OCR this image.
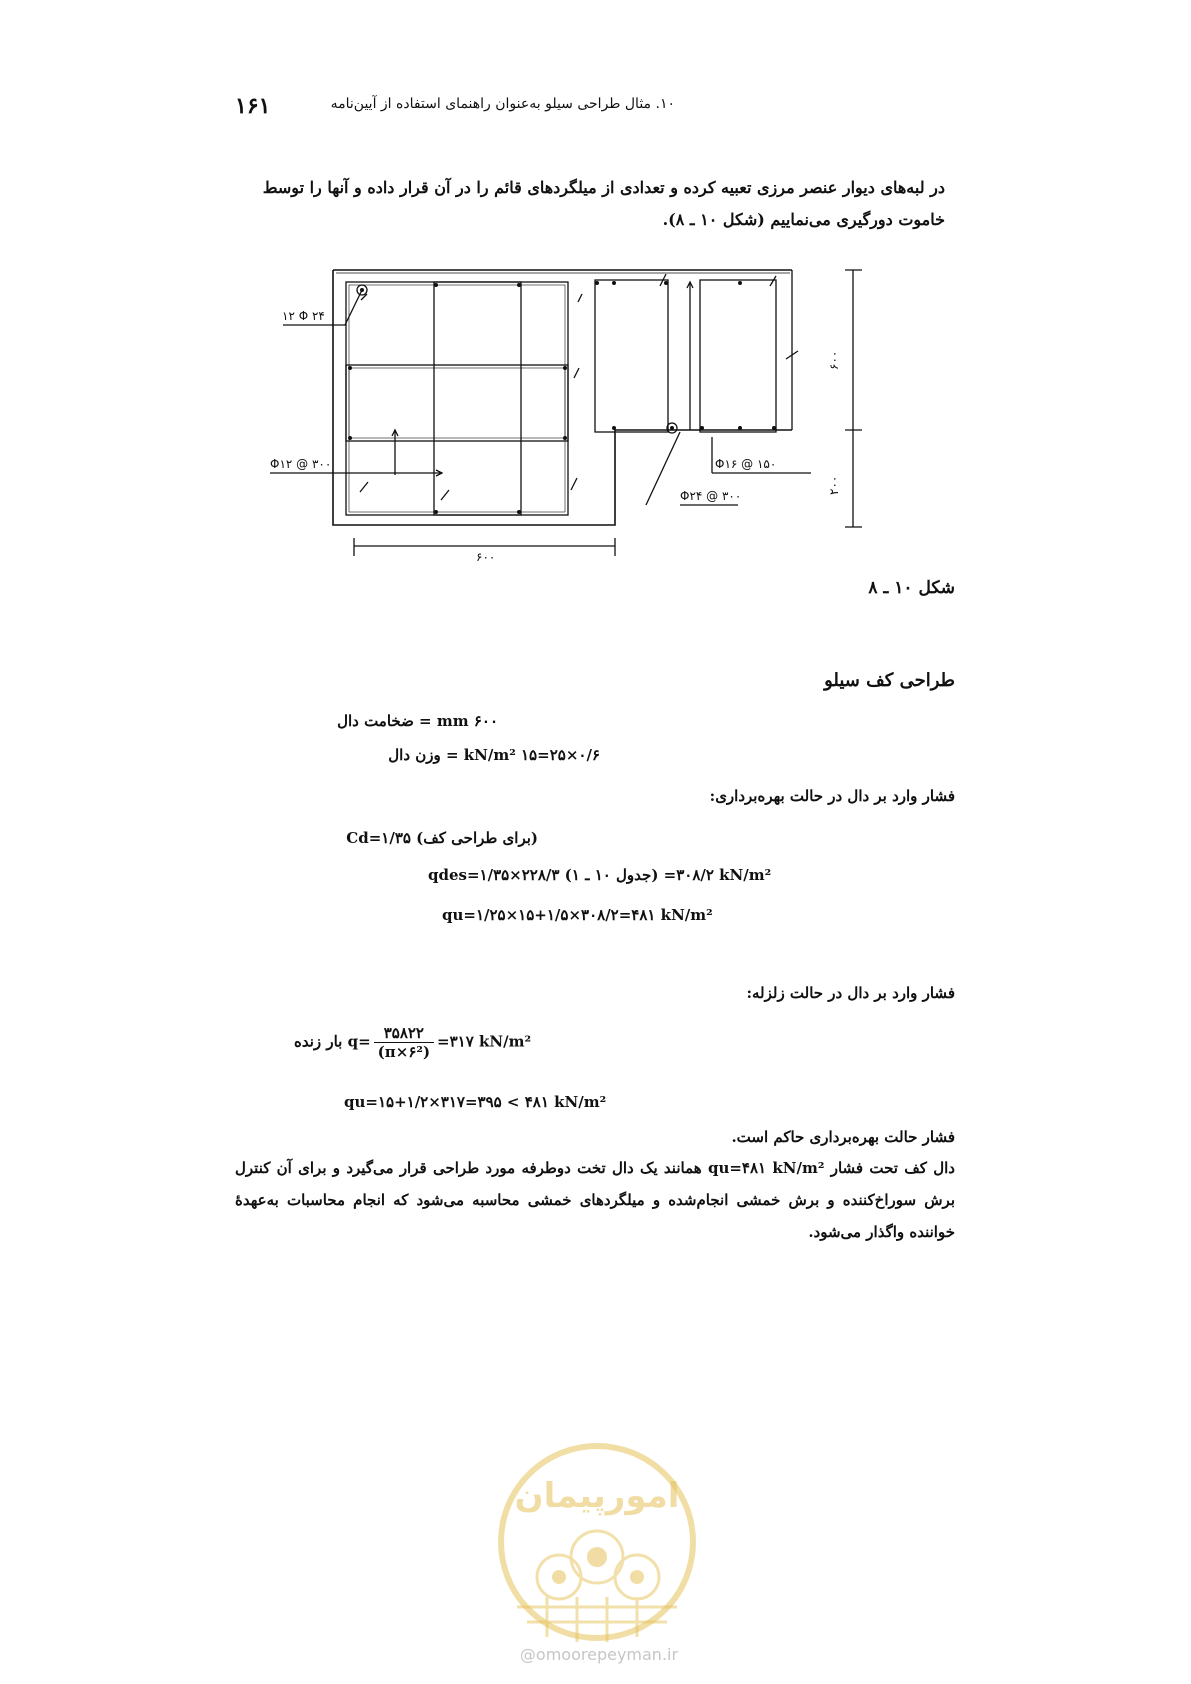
۱۶۱	۱۰. مثال طراحی سیلو به‌عنوان راهنمای استفاده از آیین‌نامه
در لبه‌های دیوار عنصر مرزی تعبیه کرده و تعدادی از میلگردهای قائم را در آن قرار داده و آنها را توسط خاموت دورگیری می‌نماییم (شکل ۱۰ ـ ۸).
۱۲ Φ ۲۴
Φ۱۲ @ ۳۰۰	Φ۱۶ @ ۱۵۰
Φ۲۴ @ ۳۰۰
۶۰۰
۶۰۰
۲۰۰
شکل ۱۰ ـ ۸
طراحی کف سیلو
۶۰۰ mm = ضخامت دال
۰/۶×۲۵=۱۵ kN/m² = وزن دال
فشار وارد بر دال در حالت بهره‌برداری:
(برای طراحی کف) Cd=۱/۳۵
qdes=۱/۳۵×۲۲۸/۳ (جدول ۱۰ ـ ۱) =۳۰۸/۲ kN/m²
qu=۱/۲۵×۱۵+۱/۵×۳۰۸/۲=۴۸۱ kN/m²
فشار وارد بر دال در حالت زلزله:
بار زنده $q= \frac{۳۵۸۲۲}{\text{(π×۶²)}}$ =۳۱۷ kN/m²
qu=۱۵+۱/۲×۳۱۷=۳۹۵ < ۴۸۱ kN/m²
فشار حالت بهره‌برداری حاکم است.
دال کف تحت فشار qu=۴۸۱ kN/m² همانند یک دال تخت دوطرفه مورد طراحی قرار می‌گیرد و برای آن کنترل برش سوراخ‌کننده و برش خمشی انجام‌شده و میلگردهای خمشی محاسبه می‌شود که انجام محاسبات به‌عهدهٔ خواننده واگذار می‌شود.
امورپیمان
@omoorepeyman.ir
